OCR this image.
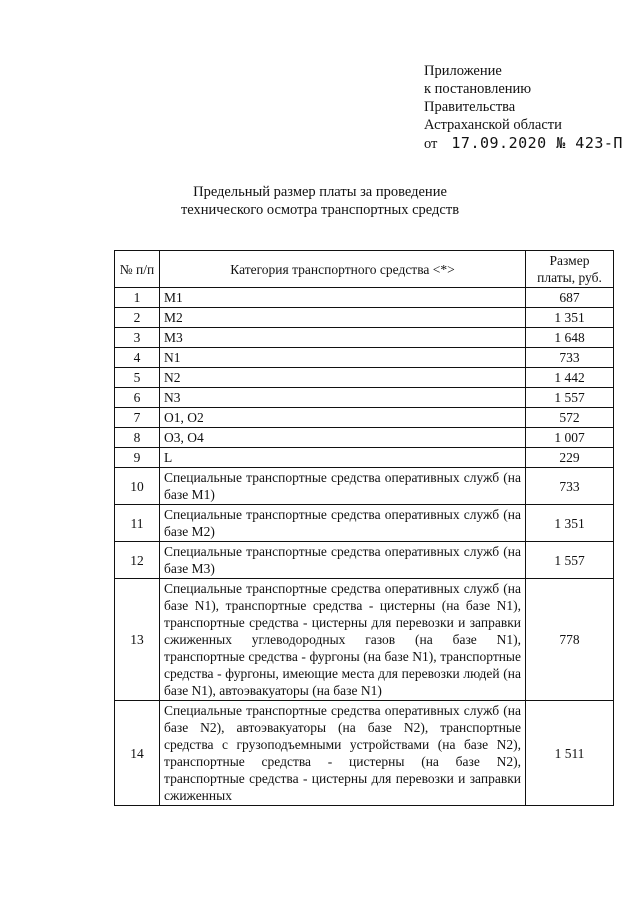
Приложение
к постановлению
Правительства
Астраханской области
от 17.09.2020 № 423-П
Предельный размер платы за проведение
технического осмотра транспортных средств
№ п/п	Категория транспортного средства <*>	Размер платы, руб.
1	M1	687
2	M2	1 351
3	M3	1 648
4	N1	733
5	N2	1 442
6	N3	1 557
7	O1, O2	572
8	O3, O4	1 007
9	L	229
10	Специальные транспортные средства оперативных служб (на базе M1)	733
11	Специальные транспортные средства оперативных служб (на базе M2)	1 351
12	Специальные транспортные средства оперативных служб (на базе M3)	1 557
13	Специальные транспортные средства оперативных служб (на базе N1), транспортные средства - цистерны (на базе N1), транспортные средства - цистерны для перевозки и заправки сжиженных углеводородных газов (на базе N1), транспортные средства - фургоны (на базе N1), транспортные средства - фургоны, имеющие места для перевозки людей (на базе N1), автоэвакуаторы (на базе N1)	778
14	Специальные транспортные средства оперативных служб (на базе N2), автоэвакуаторы (на базе N2), транспортные средства с грузоподъемными устройствами (на базе N2), транспортные средства - цистерны (на базе N2), транспортные средства - цистерны для перевозки и заправки сжиженных	1 511
